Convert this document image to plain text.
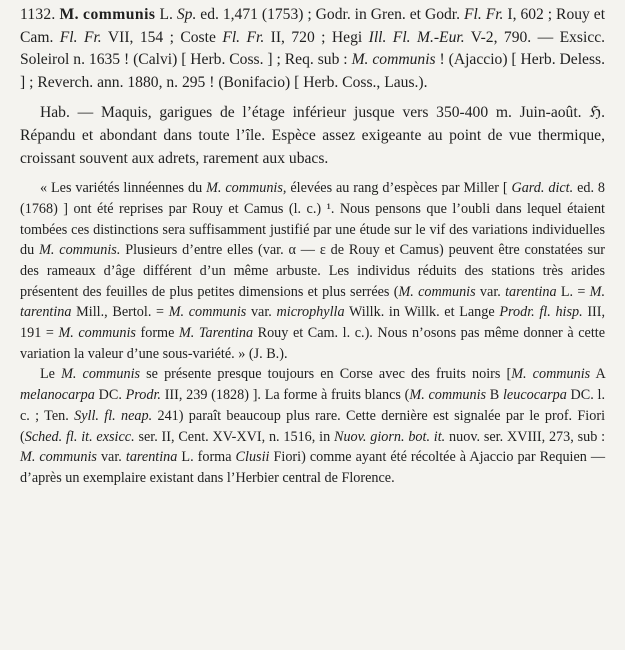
1132. M. communis L. Sp. ed. 1,471 (1753) ; Godr. in Gren. et Godr. Fl. Fr. I, 602 ; Rouy et Cam. Fl. Fr. VII, 154 ; Coste Fl. Fr. II, 720 ; Hegi Ill. Fl. M.-Eur. V-2, 790. — Exsicc. Soleirol n. 1635 ! (Calvi) [ Herb. Coss. ] ; Req. sub : M. communis ! (Ajaccio) [ Herb. Deless. ] ; Reverch. ann. 1880, n. 295 ! (Bonifacio) [ Herb. Coss., Laus.).

Hab. — Maquis, garigues de l’étage inférieur jusque vers 350-400 m. Juin-août. ℌ. Répandu et abondant dans toute l’île. Espèce assez exigeante au point de vue thermique, croissant souvent aux adrets, rarement aux ubacs.

« Les variétés linnéennes du M. communis, élevées au rang d’espèces par Miller [ Gard. dict. ed. 8 (1768) ] ont été reprises par Rouy et Camus (l. c.) ¹. Nous pensons que l’oubli dans lequel étaient tombées ces distinctions sera suffisamment justifié par une étude sur le vif des variations individuelles du M. communis. Plusieurs d’entre elles (var. α — ε de Rouy et Camus) peuvent être constatées sur des rameaux d’âge différent d’un même arbuste. Les individus réduits des stations très arides présentent des feuilles de plus petites dimensions et plus serrées (M. communis var. tarentina L. = M. tarentina Mill., Bertol. = M. communis var. microphylla Willk. in Willk. et Lange Prodr. fl. hisp. III, 191 = M. communis forme M. Tarentina Rouy et Cam. l. c.). Nous n’osons pas même donner à cette variation la valeur d’une sous-variété. » (J. B.).

Le M. communis se présente presque toujours en Corse avec des fruits noirs [M. communis A melanocarpa DC. Prodr. III, 239 (1828) ]. La forme à fruits blancs (M. communis B leucocarpa DC. l. c. ; Ten. Syll. fl. neap. 241) paraît beaucoup plus rare. Cette dernière est signalée par le prof. Fiori (Sched. fl. it. exsicc. ser. II, Cent. XV-XVI, n. 1516, in Nuov. giorn. bot. it. nuov. ser. XVIII, 273, sub : M. communis var. tarentina L. forma Clusii Fiori) comme ayant été récoltée à Ajaccio par Requien — d’après un exemplaire existant dans l’Herbier central de Florence.
